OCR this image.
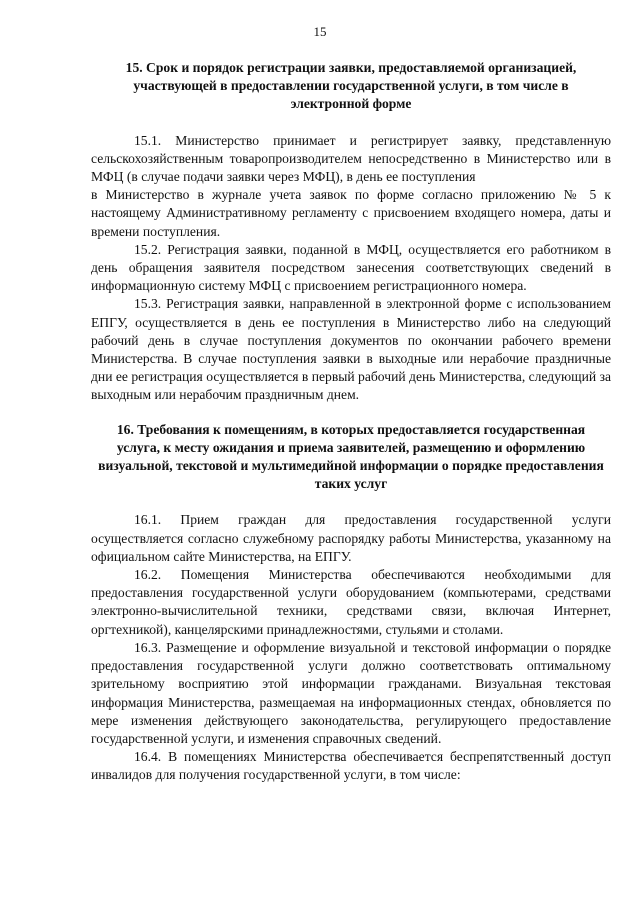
15

15. Срок и порядок регистрации заявки, предоставляемой организацией, участвующей в предоставлении государственной услуги, в том числе в электронной форме

15.1. Министерство принимает и регистрирует заявку, представленную сельскохозяйственным товаропроизводителем непосредственно в Министерство или в МФЦ (в случае подачи заявки через МФЦ), в день ее поступления

в Министерство в журнале учета заявок по форме согласно приложению № 5 к настоящему Административному регламенту с присвоением входящего номера, даты и времени поступления.

15.2. Регистрация заявки, поданной в МФЦ, осуществляется его работником в день обращения заявителя посредством занесения соответствующих сведений в информационную систему МФЦ с присвоением регистрационного номера.

15.3. Регистрация заявки, направленной в электронной форме с использованием ЕПГУ, осуществляется в день ее поступления в Министерство либо на следующий рабочий день в случае поступления документов по окончании рабочего времени Министерства. В случае поступления заявки в выходные или нерабочие праздничные дни ее регистрация осуществляется в первый рабочий день Министерства, следующий за выходным или нерабочим праздничным днем.

16. Требования к помещениям, в которых предоставляется государственная услуга, к месту ожидания и приема заявителей, размещению и оформлению визуальной, текстовой и мультимедийной информации о порядке предоставления таких услуг

16.1. Прием граждан для предоставления государственной услуги осуществляется согласно служебному распорядку работы Министерства, указанному на официальном сайте Министерства, на ЕПГУ.

16.2. Помещения Министерства обеспечиваются необходимыми для предоставления государственной услуги оборудованием (компьютерами, средствами электронно-вычислительной техники, средствами связи, включая Интернет, оргтехникой), канцелярскими принадлежностями, стульями и столами.

16.3. Размещение и оформление визуальной и текстовой информации о порядке предоставления государственной услуги должно соответствовать оптимальному зрительному восприятию этой информации гражданами. Визуальная текстовая информация Министерства, размещаемая на информационных стендах, обновляется по мере изменения действующего законодательства, регулирующего предоставление государственной услуги, и изменения справочных сведений.

16.4. В помещениях Министерства обеспечивается беспрепятственный доступ инвалидов для получения государственной услуги, в том числе:
